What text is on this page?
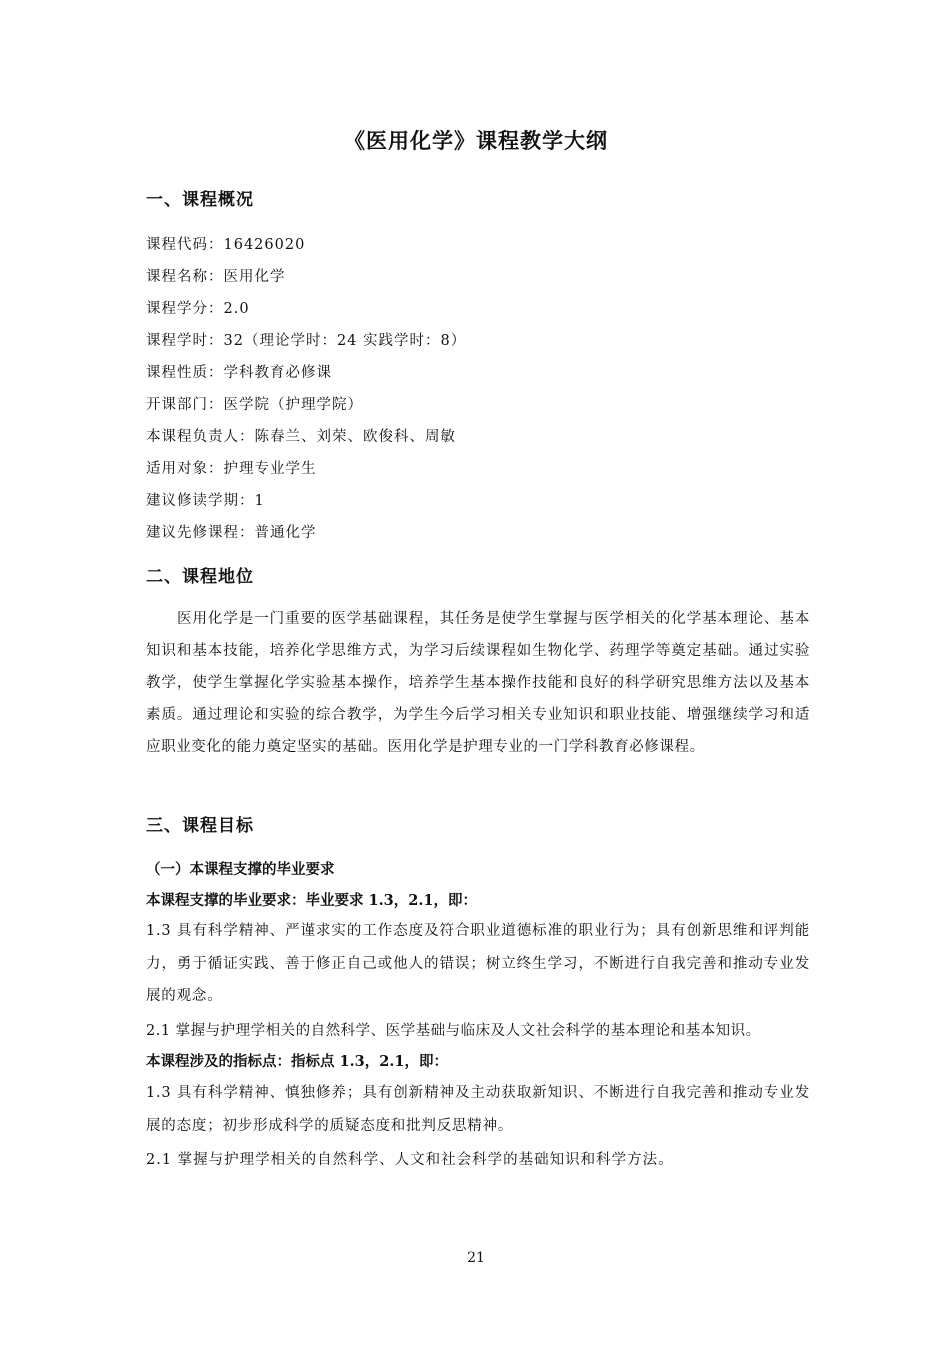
《医用化学》课程教学大纲
一、课程概况
课程代码：16426020
课程名称：医用化学
课程学分：2.0
课程学时：32（理论学时：24 实践学时：8）
课程性质：学科教育必修课
开课部门：医学院（护理学院）
本课程负责人：陈春兰、刘荣、欧俊科、周敏
适用对象：护理专业学生
建议修读学期：1
建议先修课程：普通化学
二、课程地位
医用化学是一门重要的医学基础课程，其任务是使学生掌握与医学相关的化学基本理论、基本知识和基本技能，培养化学思维方式，为学习后续课程如生物化学、药理学等奠定基础。通过实验教学，使学生掌握化学实验基本操作，培养学生基本操作技能和良好的科学研究思维方法以及基本素质。通过理论和实验的综合教学，为学生今后学习相关专业知识和职业技能、增强继续学习和适应职业变化的能力奠定坚实的基础。医用化学是护理专业的一门学科教育必修课程。
三、课程目标
（一）本课程支撑的毕业要求
本课程支撑的毕业要求：毕业要求 1.3，2.1，即：
1.3 具有科学精神、严谨求实的工作态度及符合职业道德标准的职业行为；具有创新思维和评判能力，勇于循证实践、善于修正自己或他人的错误；树立终生学习，不断进行自我完善和推动专业发展的观念。
2.1 掌握与护理学相关的自然科学、医学基础与临床及人文社会科学的基本理论和基本知识。
本课程涉及的指标点：指标点 1.3，2.1，即：
1.3 具有科学精神、慎独修养；具有创新精神及主动获取新知识、不断进行自我完善和推动专业发展的态度；初步形成科学的质疑态度和批判反思精神。
2.1 掌握与护理学相关的自然科学、人文和社会科学的基础知识和科学方法。
21
